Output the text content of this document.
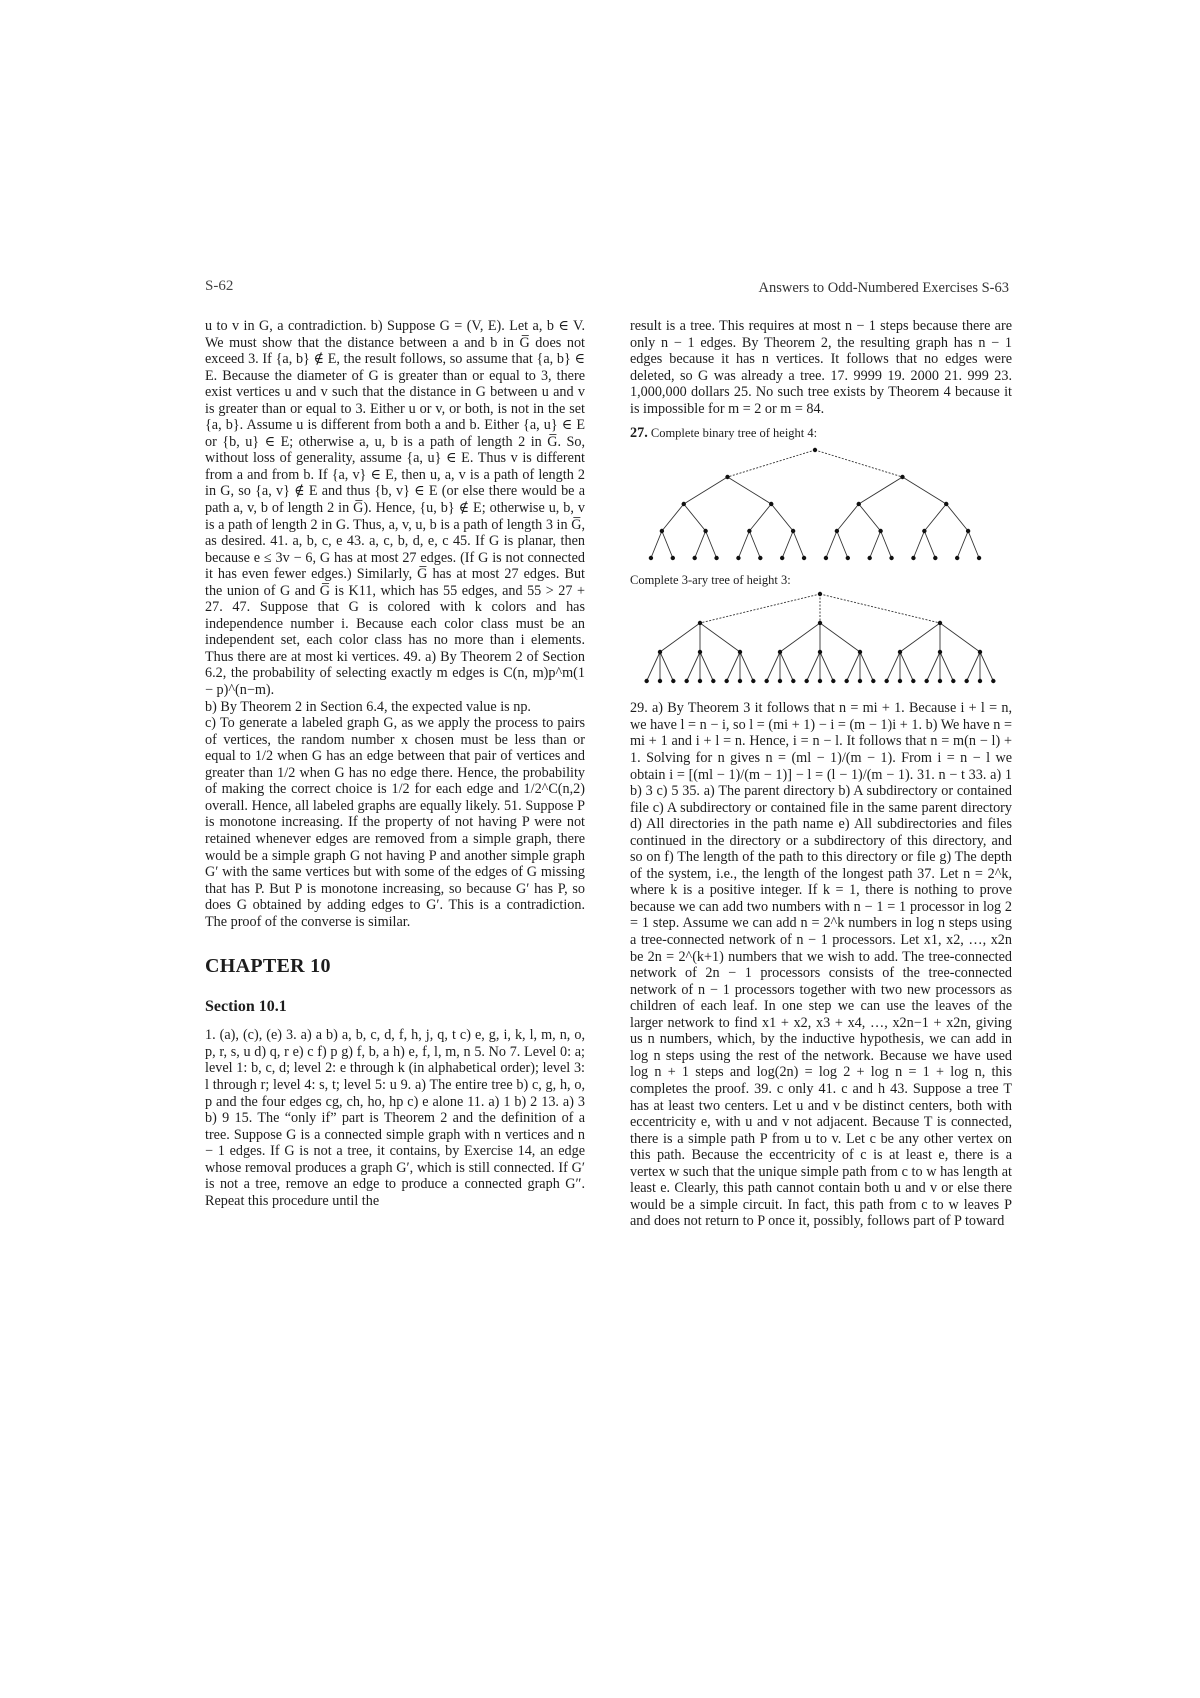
S-62	Answers to Odd-Numbered Exercises S-63

u to v in G, a contradiction. b) Suppose G = (V, E). Let a, b ∈ V. We must show that the distance between a and b in G̅ does not exceed 3. If {a, b} ∉ E, the result follows, so assume that {a, b} ∈ E. Because the diameter of G is greater than or equal to 3, there exist vertices u and v such that the distance in G between u and v is greater than or equal to 3. Either u or v, or both, is not in the set {a, b}. Assume u is different from both a and b. Either {a, u} ∈ E or {b, u} ∈ E; otherwise a, u, b is a path of length 2 in G̅. So, without loss of generality, assume {a, u} ∈ E. Thus v is different from a and from b. If {a, v} ∈ E, then u, a, v is a path of length 2 in G, so {a, v} ∉ E and thus {b, v} ∈ E (or else there would be a path a, v, b of length 2 in G̅). Hence, {u, b} ∉ E; otherwise u, b, v is a path of length 2 in G. Thus, a, v, u, b is a path of length 3 in G̅, as desired. 41. a, b, c, e 43. a, c, b, d, e, c 45. If G is planar, then because e ≤ 3v − 6, G has at most 27 edges. (If G is not connected it has even fewer edges.) Similarly, G̅ has at most 27 edges. But the union of G and G̅ is K11, which has 55 edges, and 55 > 27 + 27. 47. Suppose that G is colored with k colors and has independence number i. Because each color class must be an independent set, each color class has no more than i elements. Thus there are at most ki vertices. 49. a) By Theorem 2 of Section 6.2, the probability of selecting exactly m edges is C(n, m)p^m(1 − p)^(n−m).

b) By Theorem 2 in Section 6.4, the expected value is np.

c) To generate a labeled graph G, as we apply the process to pairs of vertices, the random number x chosen must be less than or equal to 1/2 when G has an edge between that pair of vertices and greater than 1/2 when G has no edge there. Hence, the probability of making the correct choice is 1/2 for each edge and 1/2^C(n,2) overall. Hence, all labeled graphs are equally likely. 51. Suppose P is monotone increasing. If the property of not having P were not retained whenever edges are removed from a simple graph, there would be a simple graph G not having P and another simple graph G′ with the same vertices but with some of the edges of G missing that has P. But P is monotone increasing, so because G′ has P, so does G obtained by adding edges to G′. This is a contradiction. The proof of the converse is similar.

CHAPTER 10
Section 10.1

1. (a), (c), (e) 3. a) a b) a, b, c, d, f, h, j, q, t c) e, g, i, k, l, m, n, o, p, r, s, u d) q, r e) c f) p g) f, b, a h) e, f, l, m, n 5. No 7. Level 0: a; level 1: b, c, d; level 2: e through k (in alphabetical order); level 3: l through r; level 4: s, t; level 5: u 9. a) The entire tree b) c, g, h, o, p and the four edges cg, ch, ho, hp c) e alone 11. a) 1 b) 2 13. a) 3 b) 9 15. The “only if” part is Theorem 2 and the definition of a tree. Suppose G is a connected simple graph with n vertices and n − 1 edges. If G is not a tree, it contains, by Exercise 14, an edge whose removal produces a graph G′, which is still connected. If G′ is not a tree, remove an edge to produce a connected graph G″. Repeat this procedure until the

result is a tree. This requires at most n − 1 steps because there are only n − 1 edges. By Theorem 2, the resulting graph has n − 1 edges because it has n vertices. It follows that no edges were deleted, so G was already a tree. 17. 9999 19. 2000 21. 999 23. 1,000,000 dollars 25. No such tree exists by Theorem 4 because it is impossible for m = 2 or m = 84.

27. Complete binary tree of height 4:

Complete 3-ary tree of height 3:

29. a) By Theorem 3 it follows that n = mi + 1. Because i + l = n, we have l = n − i, so l = (mi + 1) − i = (m − 1)i + 1. b) We have n = mi + 1 and i + l = n. Hence, i = n − l. It follows that n = m(n − l) + 1. Solving for n gives n = (ml − 1)/(m − 1). From i = n − l we obtain i = [(ml − 1)/(m − 1)] − l = (l − 1)/(m − 1). 31. n − t 33. a) 1 b) 3 c) 5 35. a) The parent directory b) A subdirectory or contained file c) A subdirectory or contained file in the same parent directory d) All directories in the path name e) All subdirectories and files continued in the directory or a subdirectory of this directory, and so on f) The length of the path to this directory or file g) The depth of the system, i.e., the length of the longest path 37. Let n = 2^k, where k is a positive integer. If k = 1, there is nothing to prove because we can add two numbers with n − 1 = 1 processor in log 2 = 1 step. Assume we can add n = 2^k numbers in log n steps using a tree-connected network of n − 1 processors. Let x1, x2, …, x2n be 2n = 2^(k+1) numbers that we wish to add. The tree-connected network of 2n − 1 processors consists of the tree-connected network of n − 1 processors together with two new processors as children of each leaf. In one step we can use the leaves of the larger network to find x1 + x2, x3 + x4, …, x2n−1 + x2n, giving us n numbers, which, by the inductive hypothesis, we can add in log n steps using the rest of the network. Because we have used log n + 1 steps and log(2n) = log 2 + log n = 1 + log n, this completes the proof. 39. c only 41. c and h 43. Suppose a tree T has at least two centers. Let u and v be distinct centers, both with eccentricity e, with u and v not adjacent. Because T is connected, there is a simple path P from u to v. Let c be any other vertex on this path. Because the eccentricity of c is at least e, there is a vertex w such that the unique simple path from c to w has length at least e. Clearly, this path cannot contain both u and v or else there would be a simple circuit. In fact, this path from c to w leaves P and does not return to P once it, possibly, follows part of P toward
